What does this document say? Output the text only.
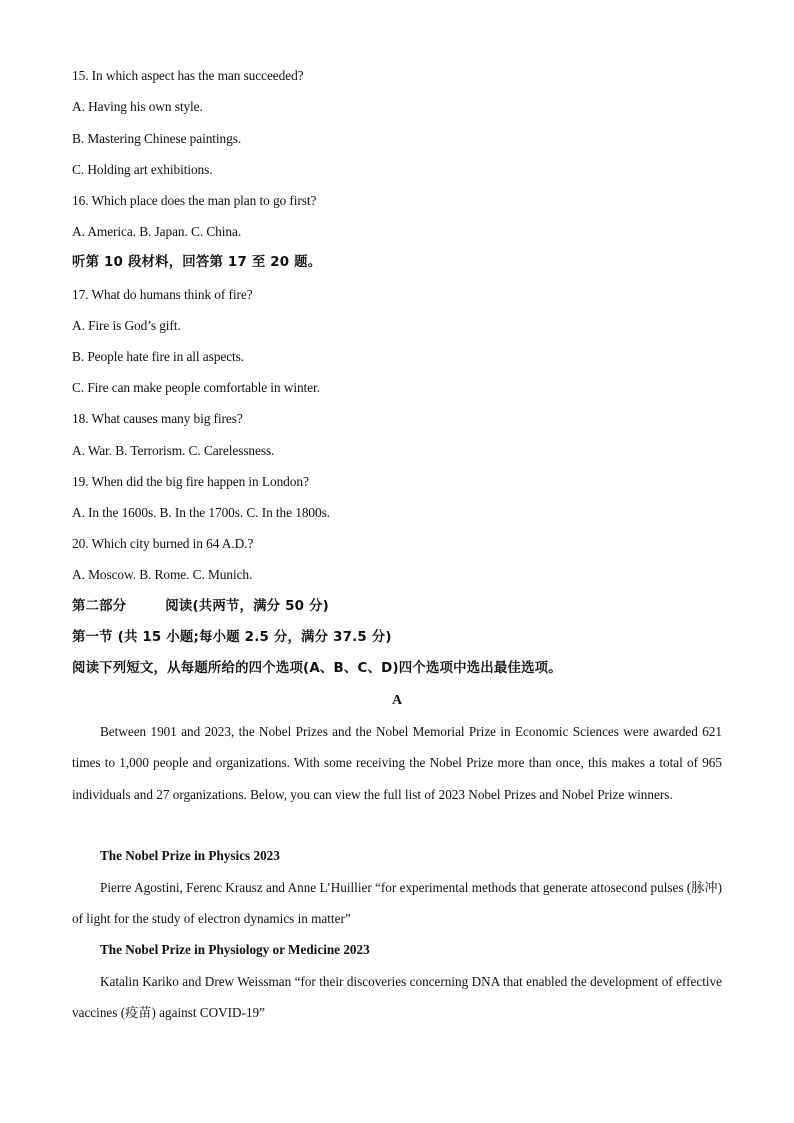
15. In which aspect has the man succeeded?
A. Having his own style.
B. Mastering Chinese paintings.
C. Holding art exhibitions.
16. Which place does the man plan to go first?
A. America. B. Japan. C. China.
听第 10 段材料，回答第 17 至 20 题。
17. What do humans think of fire?
A. Fire is God’s gift.
B. People hate fire in all aspects.
C. Fire can make people comfortable in winter.
18. What causes many big fires?
A. War. B. Terrorism. C. Carelessness.
19. When did the big fire happen in London?
A. In the 1600s. B. In the 1700s. C. In the 1800s.
20. Which city burned in 64 A.D.?
A. Moscow. B. Rome. C. Munich.
第二部分        阅读(共两节，满分 50 分)
第一节 (共 15 小题;每小题 2.5 分，满分 37.5 分)
阅读下列短文，从每题所给的四个选项(A、B、C、D)四个选项中选出最佳选项。
A
Between 1901 and 2023, the Nobel Prizes and the Nobel Memorial Prize in Economic Sciences were awarded 621 times to 1,000 people and organizations. With some receiving the Nobel Prize more than once, this makes a total of 965 individuals and 27 organizations. Below, you can view the full list of 2023 Nobel Prizes and Nobel Prize winners.
The Nobel Prize in Physics 2023
Pierre Agostini, Ferenc Krausz and Anne L’Huillier “for experimental methods that generate attosecond pulses (脉冲) of light for the study of electron dynamics in matter”
The Nobel Prize in Physiology or Medicine 2023
Katalin Kariko and Drew Weissman “for their discoveries concerning DNA that enabled the development of effective vaccines (疫苗) against COVID-19”
